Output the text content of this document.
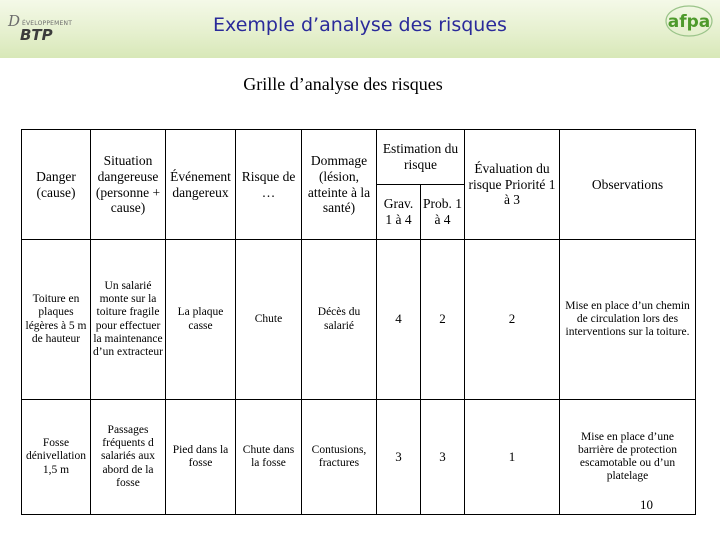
D ÉVELOPPEMENT
BTP	Exemple d’analyse des risques	afpa
Grille d’analyse des risques
Danger (cause)	Situation dangereuse (personne + cause)	Événement dangereux	Risque de …	Dommage (lésion, atteinte à la santé)	Estimation du risque		Évaluation du risque Priorité 1 à 3	Observations
					Grav. 1 à 4	Prob. 1 à 4		
Toiture en plaques légères à 5 m de hauteur	Un salarié monte sur la toiture fragile pour effectuer la maintenance d’un extracteur	La plaque casse	Chute	Décès du salarié	4	2	2	Mise en place d’un chemin de circulation lors des interventions sur la toiture.
Fosse dénivellation 1,5 m	Passages fréquents d salariés aux abord de la fosse	Pied dans la fosse	Chute dans la fosse	Contusions, fractures	3	3	1	Mise en place d’une barrière de protection escamotable ou d’un platelage
10
